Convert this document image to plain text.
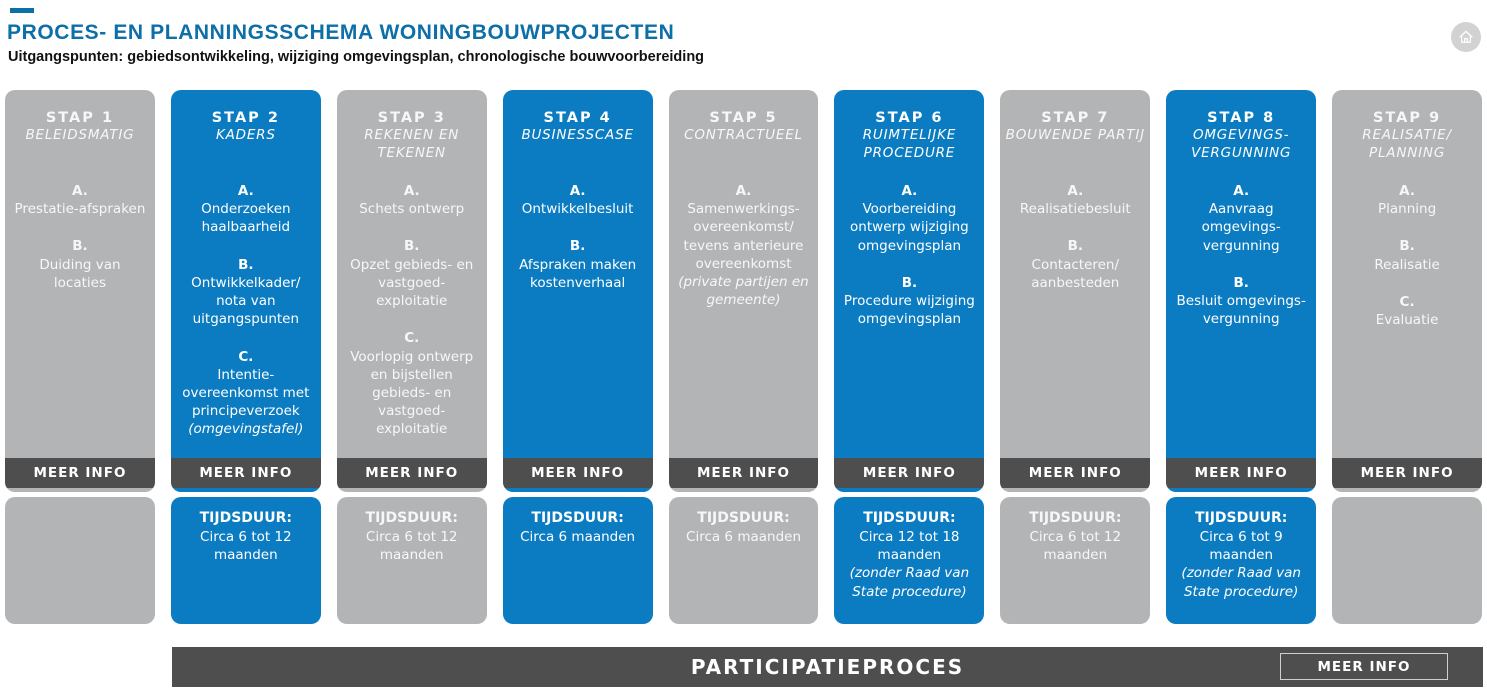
PROCES- EN PLANNINGSSCHEMA WONINGBOUWPROJECTEN
Uitgangspunten: gebiedsontwikkeling, wijziging omgevingsplan, chronologische bouwvoorbereiding
STAP 1
BELEIDSMATIG
A.
Prestatie-afspraken
B.
Duiding van locaties
MEER INFO
STAP 2
KADERS
A.
Onderzoeken haalbaarheid
B.
Ontwikkelkader/ nota van uitgangspunten
C.
Intentie-overeenkomst met principeverzoek
(omgevingstafel)
MEER INFO
STAP 3
REKENEN EN TEKENEN
A.
Schets ontwerp
B.
Opzet gebieds- en vastgoed-exploitatie
C.
Voorlopig ontwerp en bijstellen gebieds- en vastgoed-exploitatie
MEER INFO
STAP 4
BUSINESSCASE
A.
Ontwikkelbesluit
B.
Afspraken maken kostenverhaal
MEER INFO
STAP 5
CONTRACTUEEL
A.
Samenwerkings-overeenkomst/ tevens anterieure overeenkomst
(private partijen en gemeente)
MEER INFO
STAP 6
RUIMTELIJKE PROCEDURE
A.
Voorbereiding ontwerp wijziging omgevingsplan
B.
Procedure wijziging omgevingsplan
MEER INFO
STAP 7
BOUWENDE PARTIJ
A.
Realisatiebesluit
B.
Contacteren/ aanbesteden
MEER INFO
STAP 8
OMGEVINGS-VERGUNNING
A.
Aanvraag omgevings-vergunning
B.
Besluit omgevings-vergunning
MEER INFO
STAP 9
REALISATIE/ PLANNING
A.
Planning
B.
Realisatie
C.
Evaluatie
MEER INFO
TIJDSDUUR:
Circa 6 tot 12 maanden
TIJDSDUUR:
Circa 6 tot 12 maanden
TIJDSDUUR:
Circa 6 maanden
TIJDSDUUR:
Circa 6 maanden
TIJDSDUUR:
Circa 12 tot 18 maanden
(zonder Raad van State procedure)
TIJDSDUUR:
Circa 6 tot 12 maanden
TIJDSDUUR:
Circa 6 tot 9 maanden
(zonder Raad van State procedure)
PARTICIPATIEPROCES	MEER INFO
